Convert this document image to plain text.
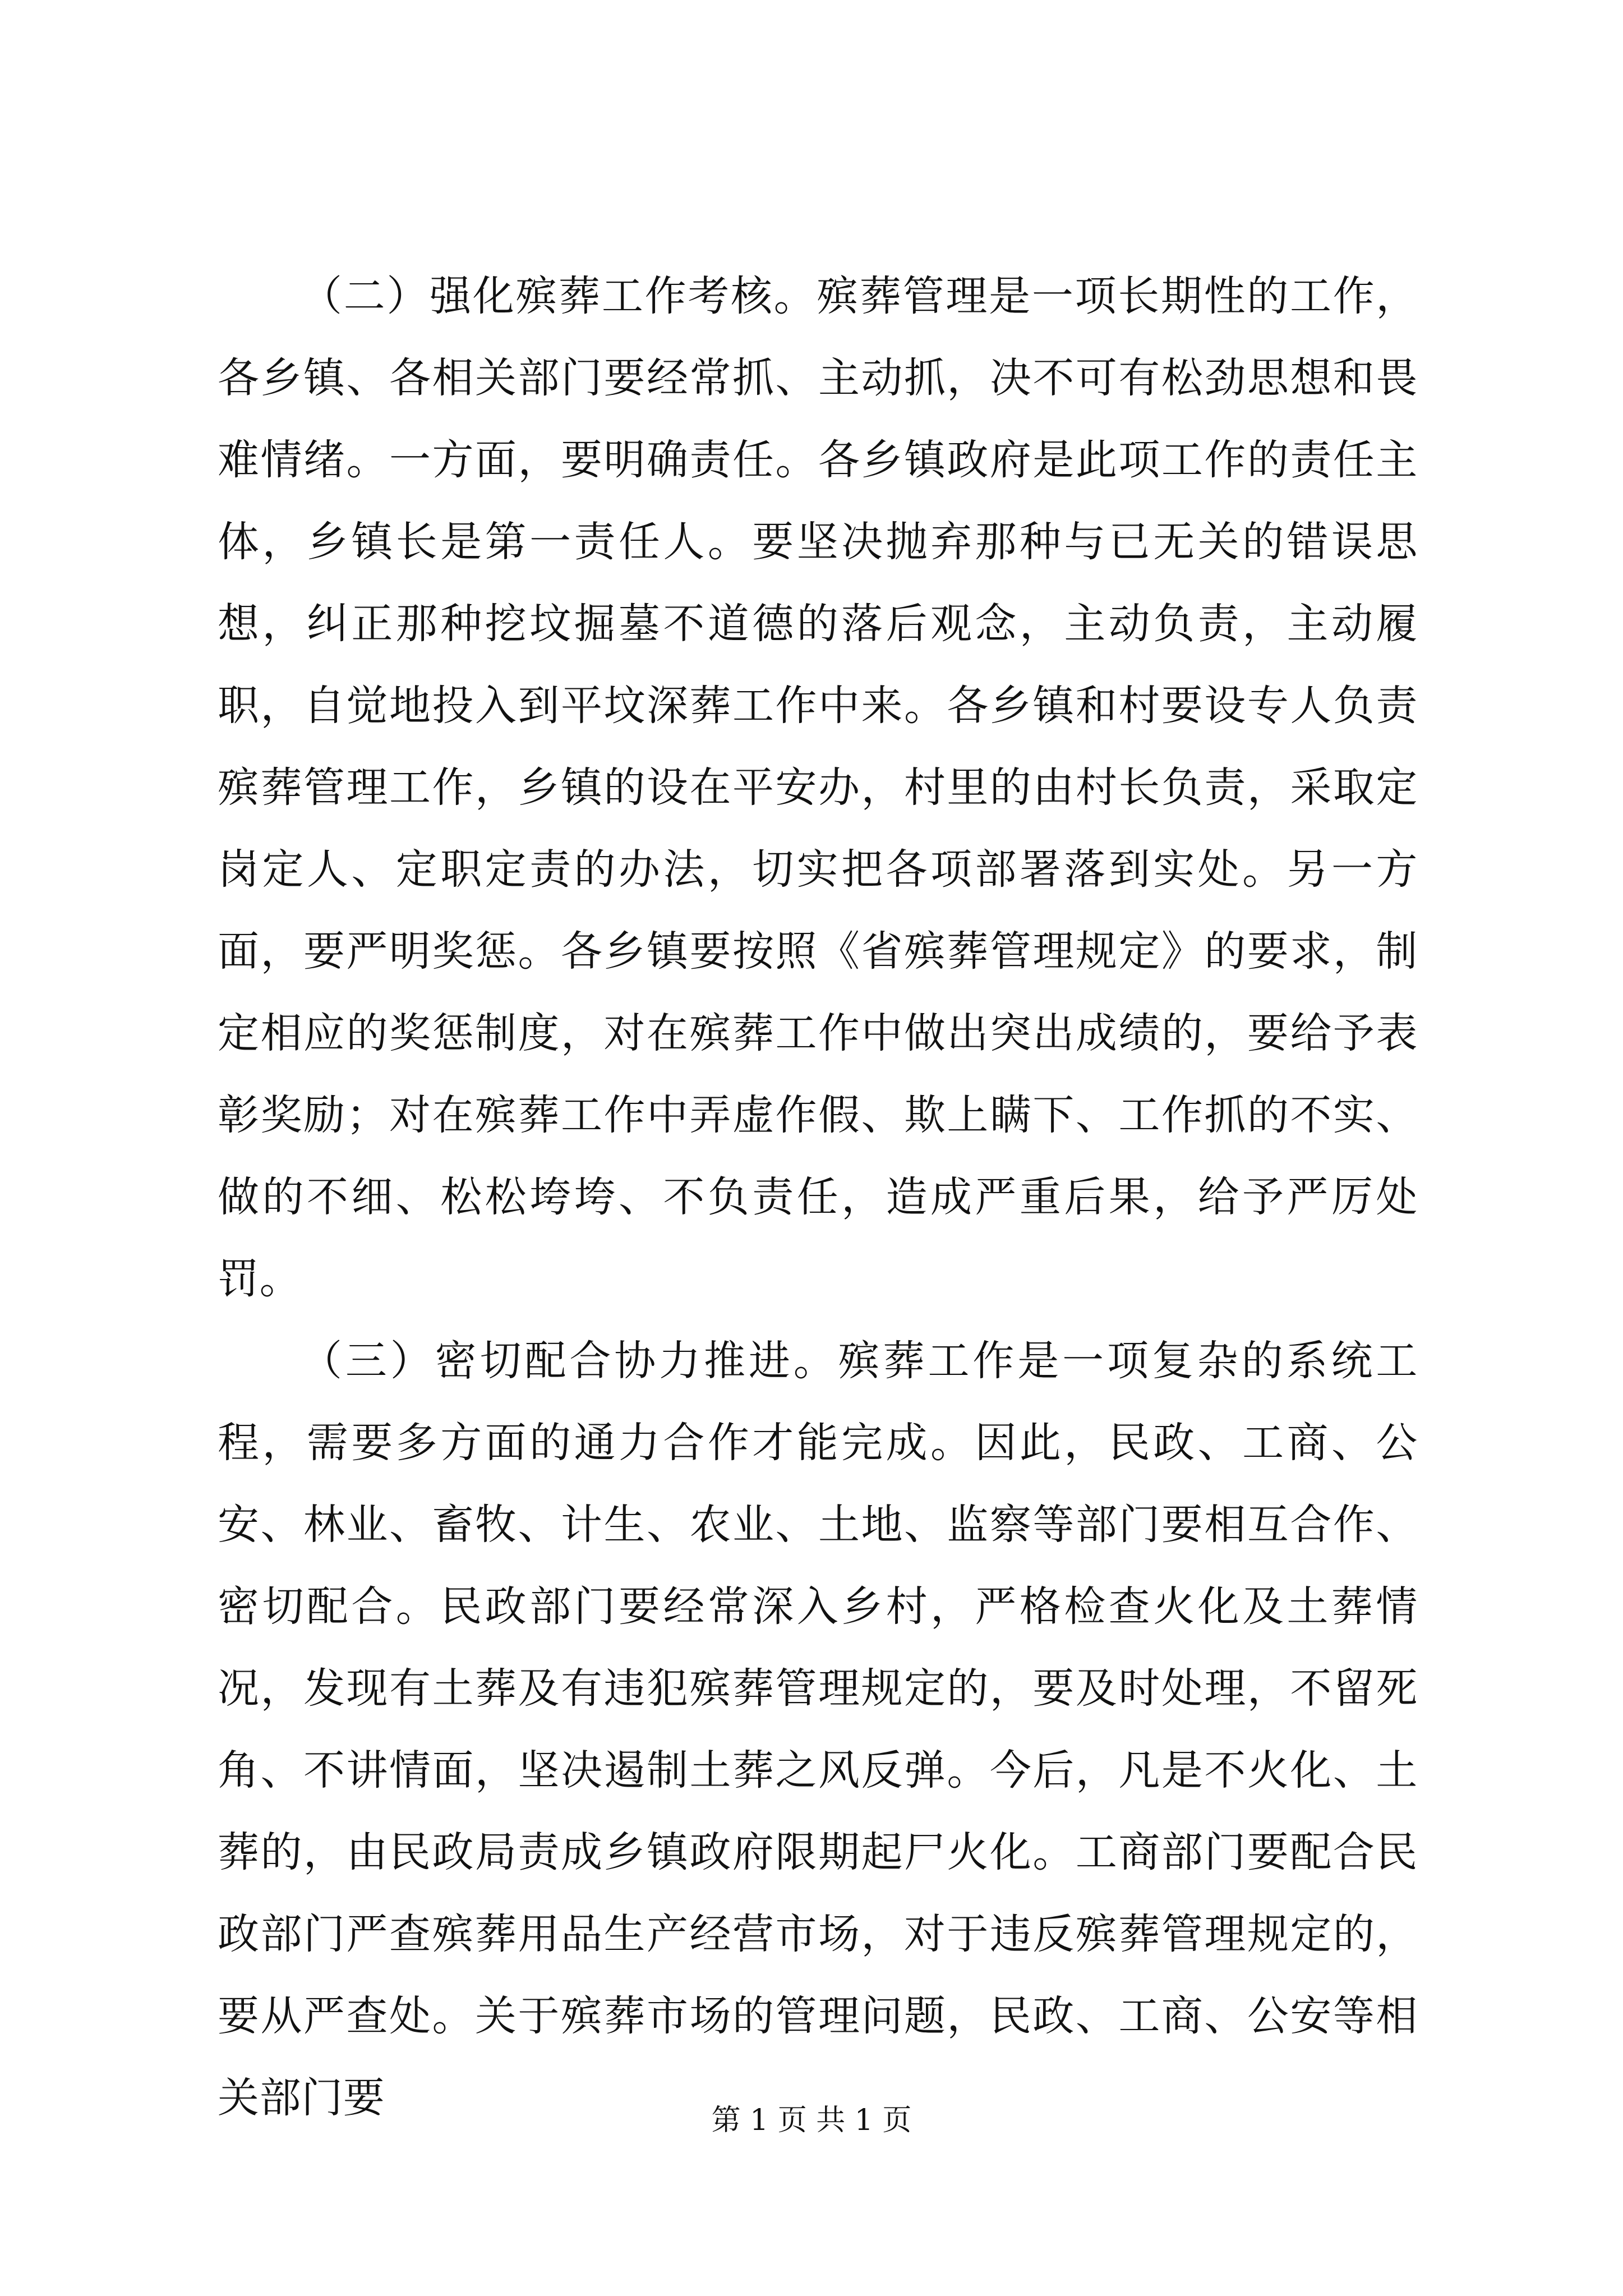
（二）强化殡葬工作考核。殡葬管理是一项长期性的工作，各乡镇、各相关部门要经常抓、主动抓，决不可有松劲思想和畏难情绪。一方面，要明确责任。各乡镇政府是此项工作的责任主体，乡镇长是第一责任人。要坚决抛弃那种与已无关的错误思想，纠正那种挖坟掘墓不道德的落后观念，主动负责，主动履职，自觉地投入到平坟深葬工作中来。各乡镇和村要设专人负责殡葬管理工作，乡镇的设在平安办，村里的由村长负责，采取定岗定人、定职定责的办法，切实把各项部署落到实处。另一方面，要严明奖惩。各乡镇要按照《省殡葬管理规定》的要求，制定相应的奖惩制度，对在殡葬工作中做出突出成绩的，要给予表彰奖励；对在殡葬工作中弄虚作假、欺上瞒下、工作抓的不实、做的不细、松松垮垮、不负责任，造成严重后果，给予严厉处罚。

（三）密切配合协力推进。殡葬工作是一项复杂的系统工程，需要多方面的通力合作才能完成。因此，民政、工商、公安、林业、畜牧、计生、农业、土地、监察等部门要相互合作、密切配合。民政部门要经常深入乡村，严格检查火化及土葬情况，发现有土葬及有违犯殡葬管理规定的，要及时处理，不留死角、不讲情面，坚决遏制土葬之风反弹。今后，凡是不火化、土葬的，由民政局责成乡镇政府限期起尸火化。工商部门要配合民政部门严查殡葬用品生产经营市场，对于违反殡葬管理规定的，要从严查处。关于殡葬市场的管理问题，民政、工商、公安等相关部门要	第 1 页 共 1 页
